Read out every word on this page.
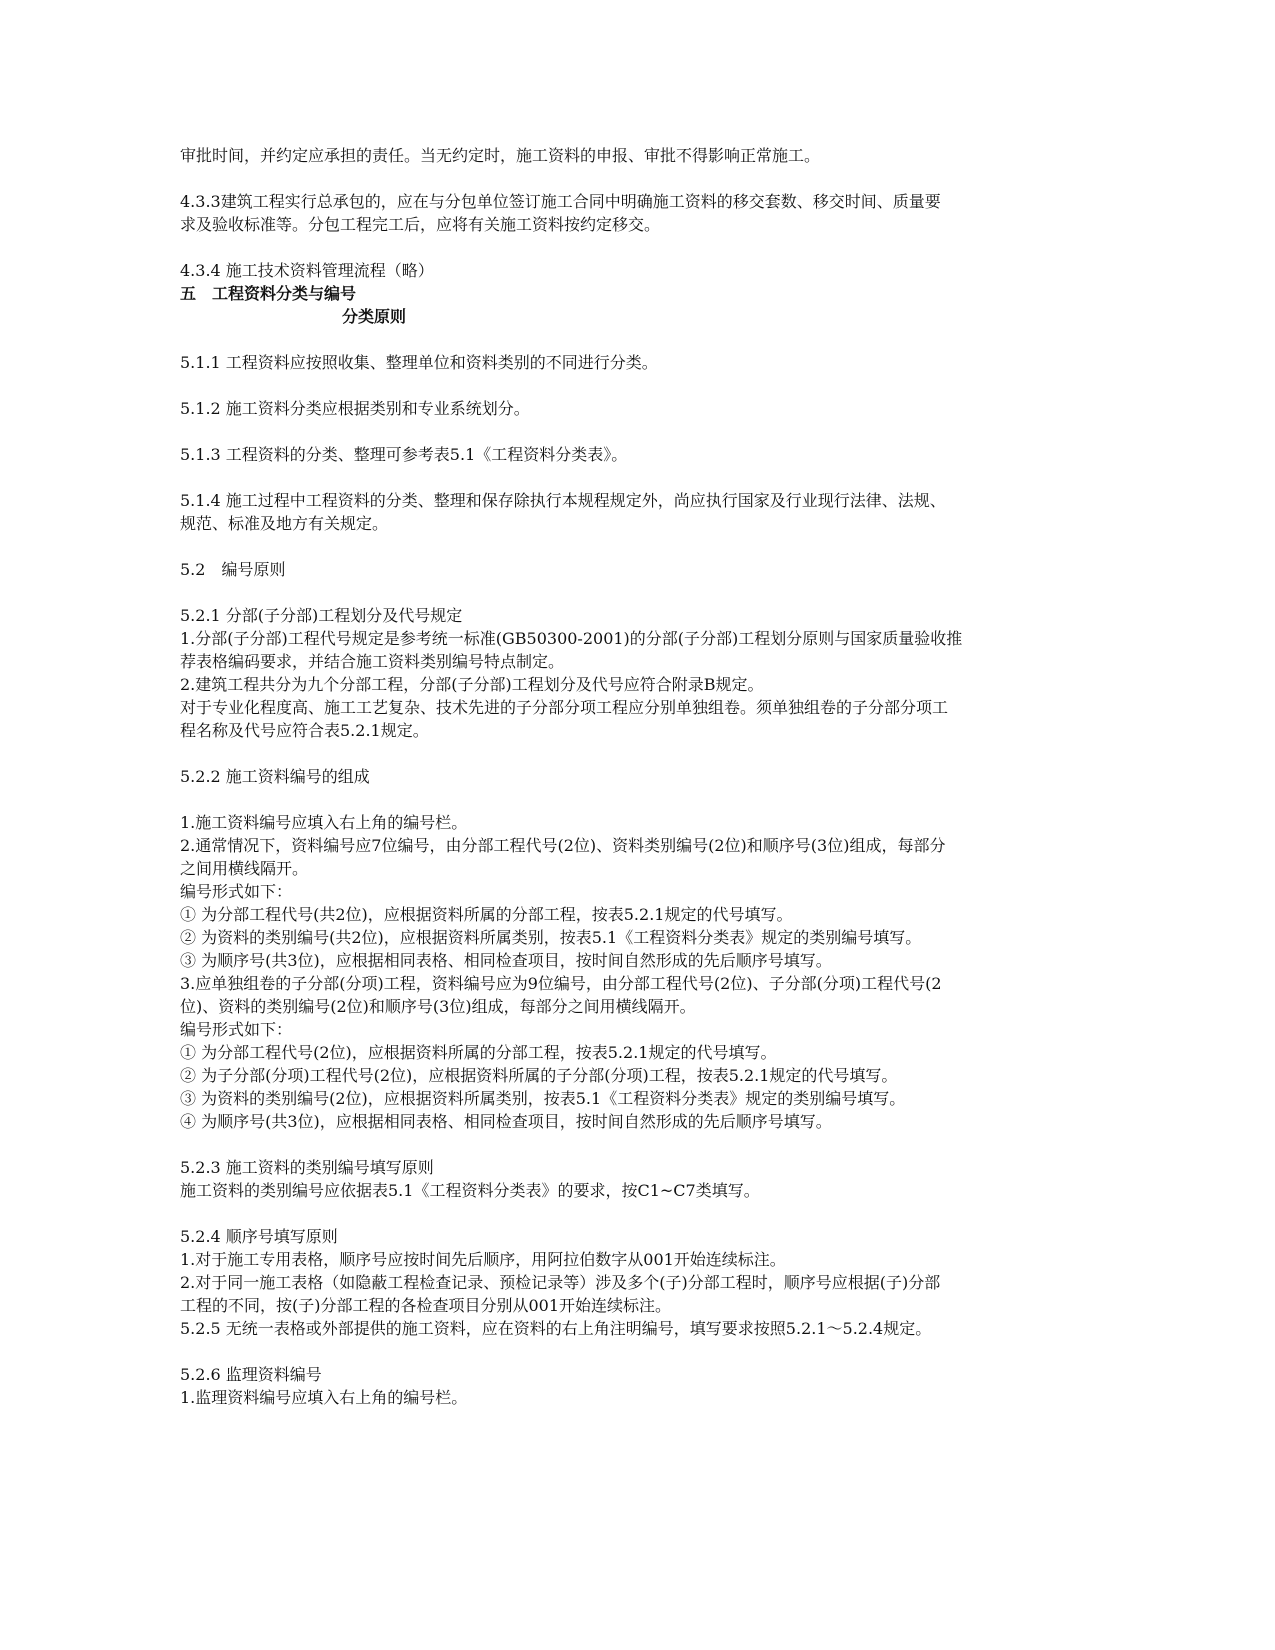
审批时间，并约定应承担的责任。当无约定时，施工资料的申报、审批不得影响正常施工。
4.3.3建筑工程实行总承包的，应在与分包单位签订施工合同中明确施工资料的移交套数、移交时间、质量要
求及验收标准等。分包工程完工后，应将有关施工资料按约定移交。
4.3.4 施工技术资料管理流程（略）
五　工程资料分类与编号
分类原则
5.1.1 工程资料应按照收集、整理单位和资料类别的不同进行分类。
5.1.2 施工资料分类应根据类别和专业系统划分。
5.1.3 工程资料的分类、整理可参考表5.1《工程资料分类表》。
5.1.4 施工过程中工程资料的分类、整理和保存除执行本规程规定外，尚应执行国家及行业现行法律、法规、
规范、标准及地方有关规定。
5.2　编号原则
5.2.1 分部(子分部)工程划分及代号规定
1.分部(子分部)工程代号规定是参考统一标准(GB50300-2001)的分部(子分部)工程划分原则与国家质量验收推
荐表格编码要求，并结合施工资料类别编号特点制定。
2.建筑工程共分为九个分部工程，分部(子分部)工程划分及代号应符合附录B规定。
对于专业化程度高、施工工艺复杂、技术先进的子分部分项工程应分别单独组卷。须单独组卷的子分部分项工
程名称及代号应符合表5.2.1规定。
5.2.2 施工资料编号的组成
1.施工资料编号应填入右上角的编号栏。
2.通常情况下，资料编号应7位编号，由分部工程代号(2位)、资料类别编号(2位)和顺序号(3位)组成，每部分
之间用横线隔开。
编号形式如下：
① 为分部工程代号(共2位)，应根据资料所属的分部工程，按表5.2.1规定的代号填写。
② 为资料的类别编号(共2位)，应根据资料所属类别，按表5.1《工程资料分类表》规定的类别编号填写。
③ 为顺序号(共3位)，应根据相同表格、相同检查项目，按时间自然形成的先后顺序号填写。
3.应单独组卷的子分部(分项)工程，资料编号应为9位编号，由分部工程代号(2位)、子分部(分项)工程代号(2
位)、资料的类别编号(2位)和顺序号(3位)组成，每部分之间用横线隔开。
编号形式如下：
① 为分部工程代号(2位)，应根据资料所属的分部工程，按表5.2.1规定的代号填写。
② 为子分部(分项)工程代号(2位)，应根据资料所属的子分部(分项)工程，按表5.2.1规定的代号填写。
③ 为资料的类别编号(2位)，应根据资料所属类别，按表5.1《工程资料分类表》规定的类别编号填写。
④ 为顺序号(共3位)，应根据相同表格、相同检查项目，按时间自然形成的先后顺序号填写。
5.2.3 施工资料的类别编号填写原则
施工资料的类别编号应依据表5.1《工程资料分类表》的要求，按C1~C7类填写。
5.2.4 顺序号填写原则
1.对于施工专用表格，顺序号应按时间先后顺序，用阿拉伯数字从001开始连续标注。
2.对于同一施工表格（如隐蔽工程检查记录、预检记录等）涉及多个(子)分部工程时，顺序号应根据(子)分部
工程的不同，按(子)分部工程的各检查项目分别从001开始连续标注。
5.2.5 无统一表格或外部提供的施工资料，应在资料的右上角注明编号，填写要求按照5.2.1～5.2.4规定。
5.2.6 监理资料编号
1.监理资料编号应填入右上角的编号栏。
